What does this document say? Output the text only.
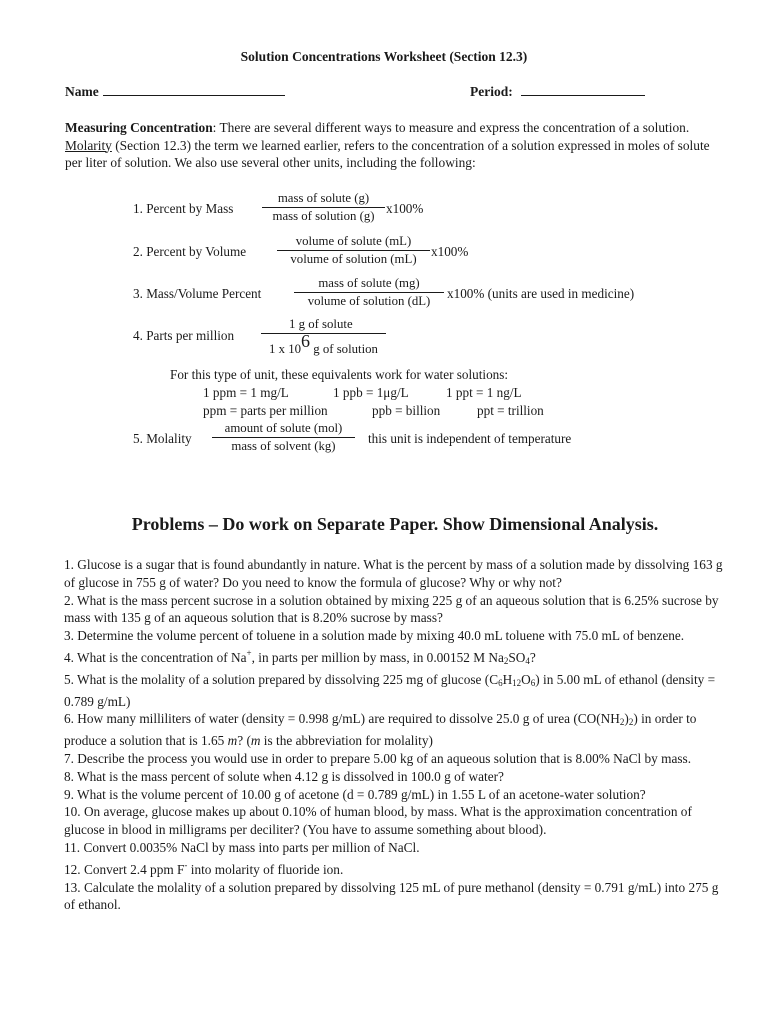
Solution Concentrations Worksheet (Section 12.3)
Name	Period:
Measuring Concentration: There are several different ways to measure and express the concentration of a solution. Molarity (Section 12.3) the term we learned earlier, refers to the concentration of a solution expressed in moles of solute per liter of solution. We also use several other units, including the following:
1. Percent by Mass
mass of solute (g)
mass of solution (g) x100%
2. Percent by Volume
volume of solute (mL)
volume of solution (mL)	x100%
3. Mass/Volume Percent
mass of solute (mg)
volume of solution (dL)	x100% (units are used in medicine)
4. Parts per million
1 g of solute
1 x 106 g of solution
For this type of unit, these equivalents work for water solutions:
1 ppm = 1 mg/L	1 ppb = 1μg/L	1 ppt = 1 ng/L
ppm = parts per million	ppb = billion	ppt = trillion
5. Molality
amount of solute (mol)
mass of solvent (kg)	this unit is independent of temperature
Problems – Do work on Separate Paper. Show Dimensional Analysis.

1. Glucose is a sugar that is found abundantly in nature. What is the percent by mass of a solution made by dissolving 163 g of glucose in 755 g of water? Do you need to know the formula of glucose? Why or why not?

2. What is the mass percent sucrose in a solution obtained by mixing 225 g of an aqueous solution that is 6.25% sucrose by mass with 135 g of an aqueous solution that is 8.20% sucrose by mass?

3. Determine the volume percent of toluene in a solution made by mixing 40.0 mL toluene with 75.0 mL of benzene.

4. What is the concentration of Na+, in parts per million by mass, in 0.00152 M $Na_2SO_4$?

5. What is the molality of a solution prepared by dissolving 225 mg of glucose $(C_6H_{12}O_6)$ in 5.00 mL of ethanol (density = 0.789 g/mL)

6. How many milliliters of water (density = 0.998 g/mL) are required to dissolve 25.0 g of urea $(CO(NH_2)_2)$ in order to produce a solution that is 1.65 m? (m is the abbreviation for molality)

7. Describe the process you would use in order to prepare 5.00 kg of an aqueous solution that is 8.00% NaCl by mass.

8. What is the mass percent of solute when 4.12 g is dissolved in 100.0 g of water?

9. What is the volume percent of 10.00 g of acetone (d = 0.789 g/mL) in 1.55 L of an acetone-water solution?

10. On average, glucose makes up about 0.10% of human blood, by mass. What is the approximation concentration of glucose in blood in milligrams per deciliter? (You have to assume something about blood).

11. Convert 0.0035% NaCl by mass into parts per million of NaCl.

12. Convert 2.4 ppm F- into molarity of fluoride ion.

13. Calculate the molality of a solution prepared by dissolving 125 mL of pure methanol (density = 0.791 g/mL) into 275 g of ethanol.
